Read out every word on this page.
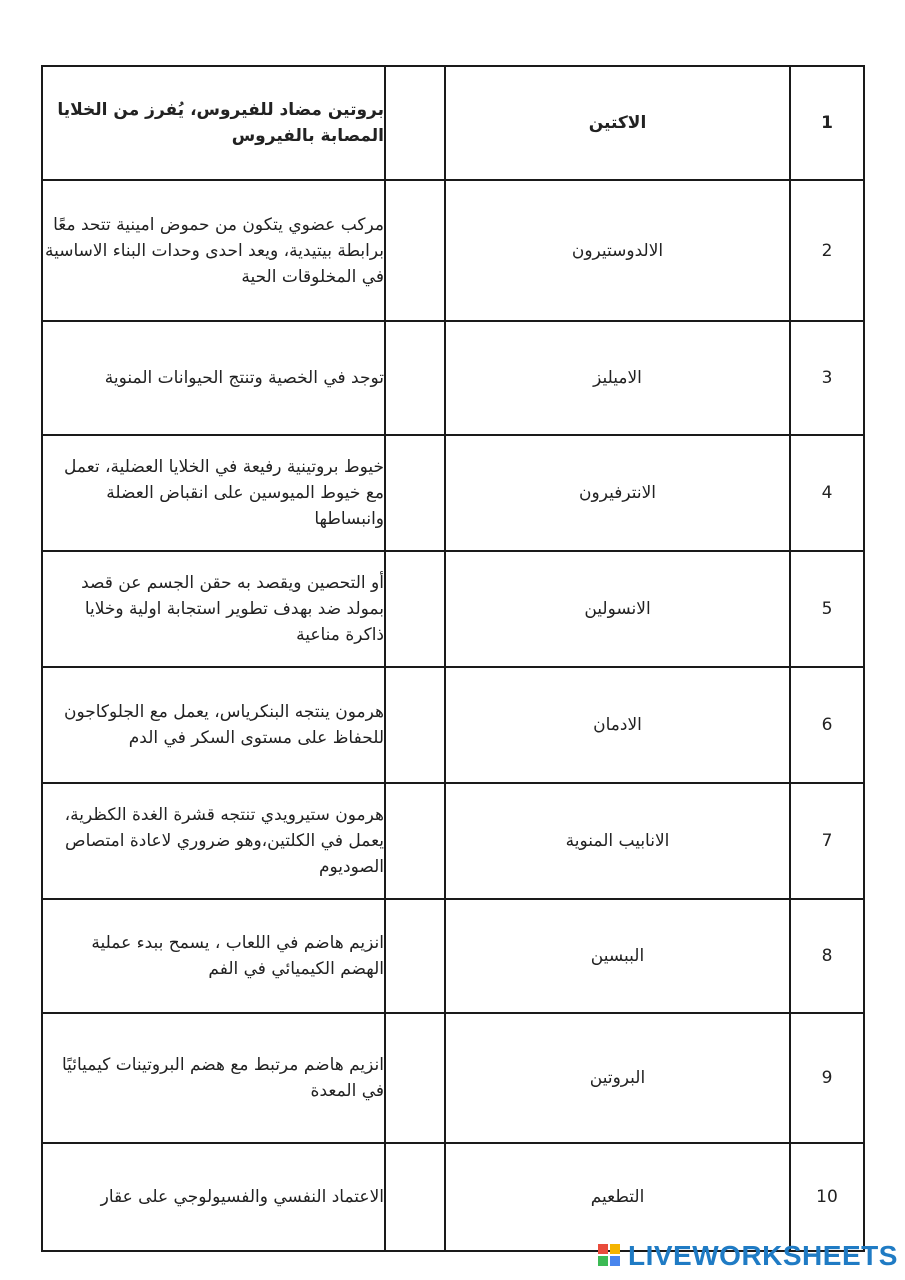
بروتين مضاد للفيروس، يُفرز من الخلايا المصابة بالفيروس		الاكتين	1
مركب عضوي يتكون من حموض امينية تتحد معًا برابطة بيتيدية، ويعد احدى وحدات البناء الاساسية في المخلوقات الحية		الالدوستيرون	2
توجد في الخصية وتنتج الحيوانات المنوية		الاميليز	3
خيوط بروتينية رفيعة في الخلايا العضلية، تعمل مع خيوط الميوسين على انقباض العضلة وانبساطها		الانترفيرون	4
أو التحصين ويقصد به حقن الجسم عن قصد بمولد ضد بهدف تطوير استجابة اولية وخلايا ذاكرة مناعية		الانسولين	5
هرمون ينتجه البنكرياس، يعمل مع الجلوكاجون للحفاظ على مستوى السكر في الدم		الادمان	6
هرمون ستيرويدي تنتجه قشرة الغدة الكظرية، يعمل في الكلتين،وهو ضروري لاعادة امتصاص الصوديوم		الانابيب المنوية	7
انزيم هاضم في اللعاب ، يسمح ببدء عملية الهضم الكيميائي في الفم		الببسين	8
انزيم هاضم مرتبط مع هضم البروتينات كيميائيًا في المعدة		البروتين	9
الاعتماد النفسي والفسيولوجي على عقار		التطعيم	10
LIVEWORKSHEETS
